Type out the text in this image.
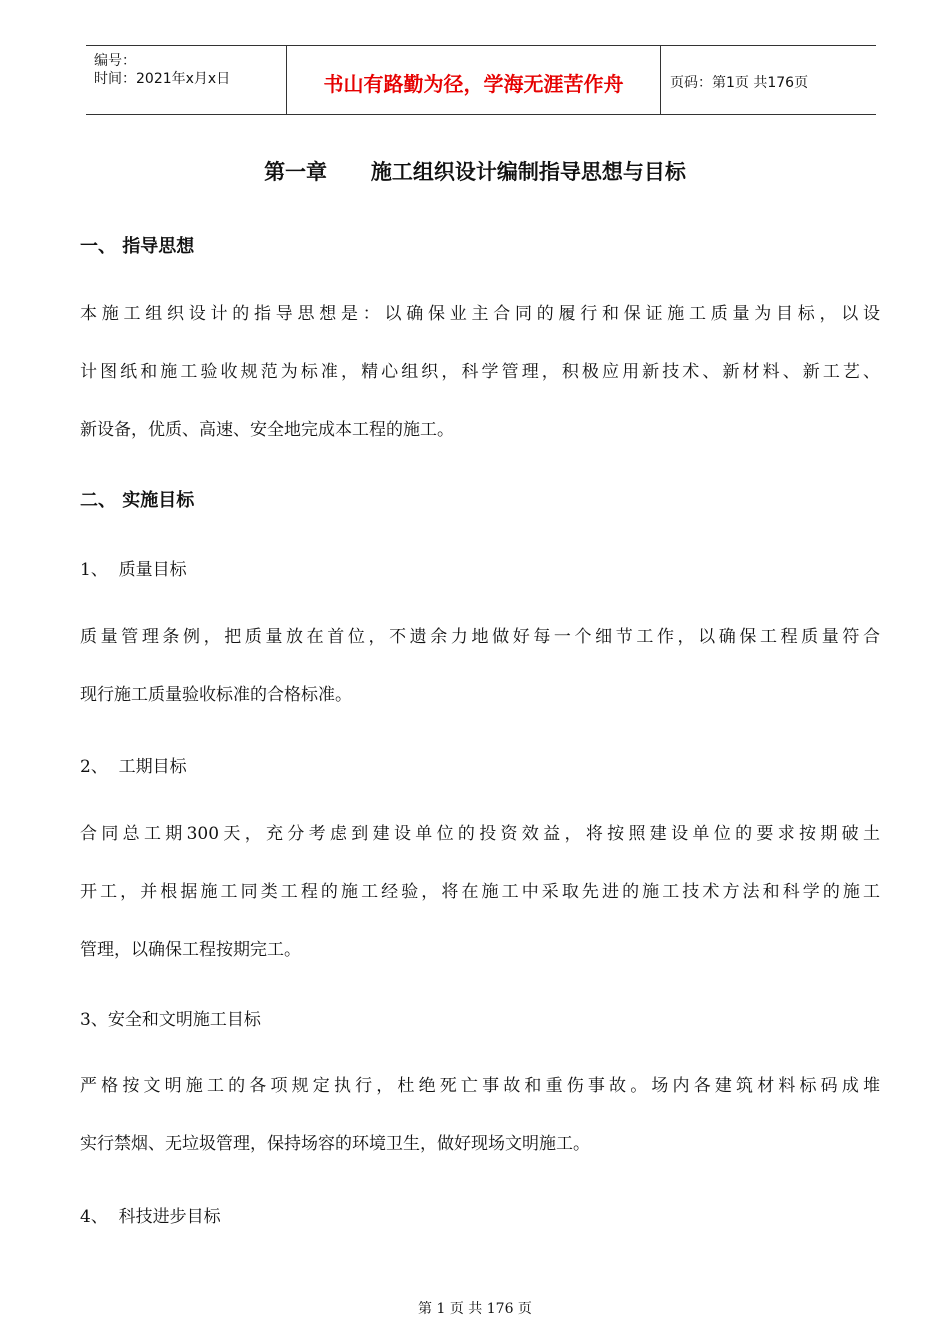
编号：
时间：2021年x月x日	书山有路勤为径，学海无涯苦作舟	页码：第1页 共176页
第一章      施工组织设计编制指导思想与目标
一、 指导思想
本施工组织设计的指导思想是：以确保业主合同的履行和保证施工质量为目标，以设
计图纸和施工验收规范为标准，精心组织，科学管理，积极应用新技术、新材料、新工艺、
新设备，优质、高速、安全地完成本工程的施工。
二、 实施目标
1、  质量目标
质量管理条例，把质量放在首位，不遗余力地做好每一个细节工作，以确保工程质量符合
现行施工质量验收标准的合格标准。
2、  工期目标
合同总工期300天，充分考虑到建设单位的投资效益，将按照建设单位的要求按期破土
开工，并根据施工同类工程的施工经验，将在施工中采取先进的施工技术方法和科学的施工
管理，以确保工程按期完工。
3、安全和文明施工目标
严格按文明施工的各项规定执行，杜绝死亡事故和重伤事故。场内各建筑材料标码成堆
实行禁烟、无垃圾管理，保持场容的环境卫生，做好现场文明施工。
4、  科技进步目标
第 1 页 共 176 页
